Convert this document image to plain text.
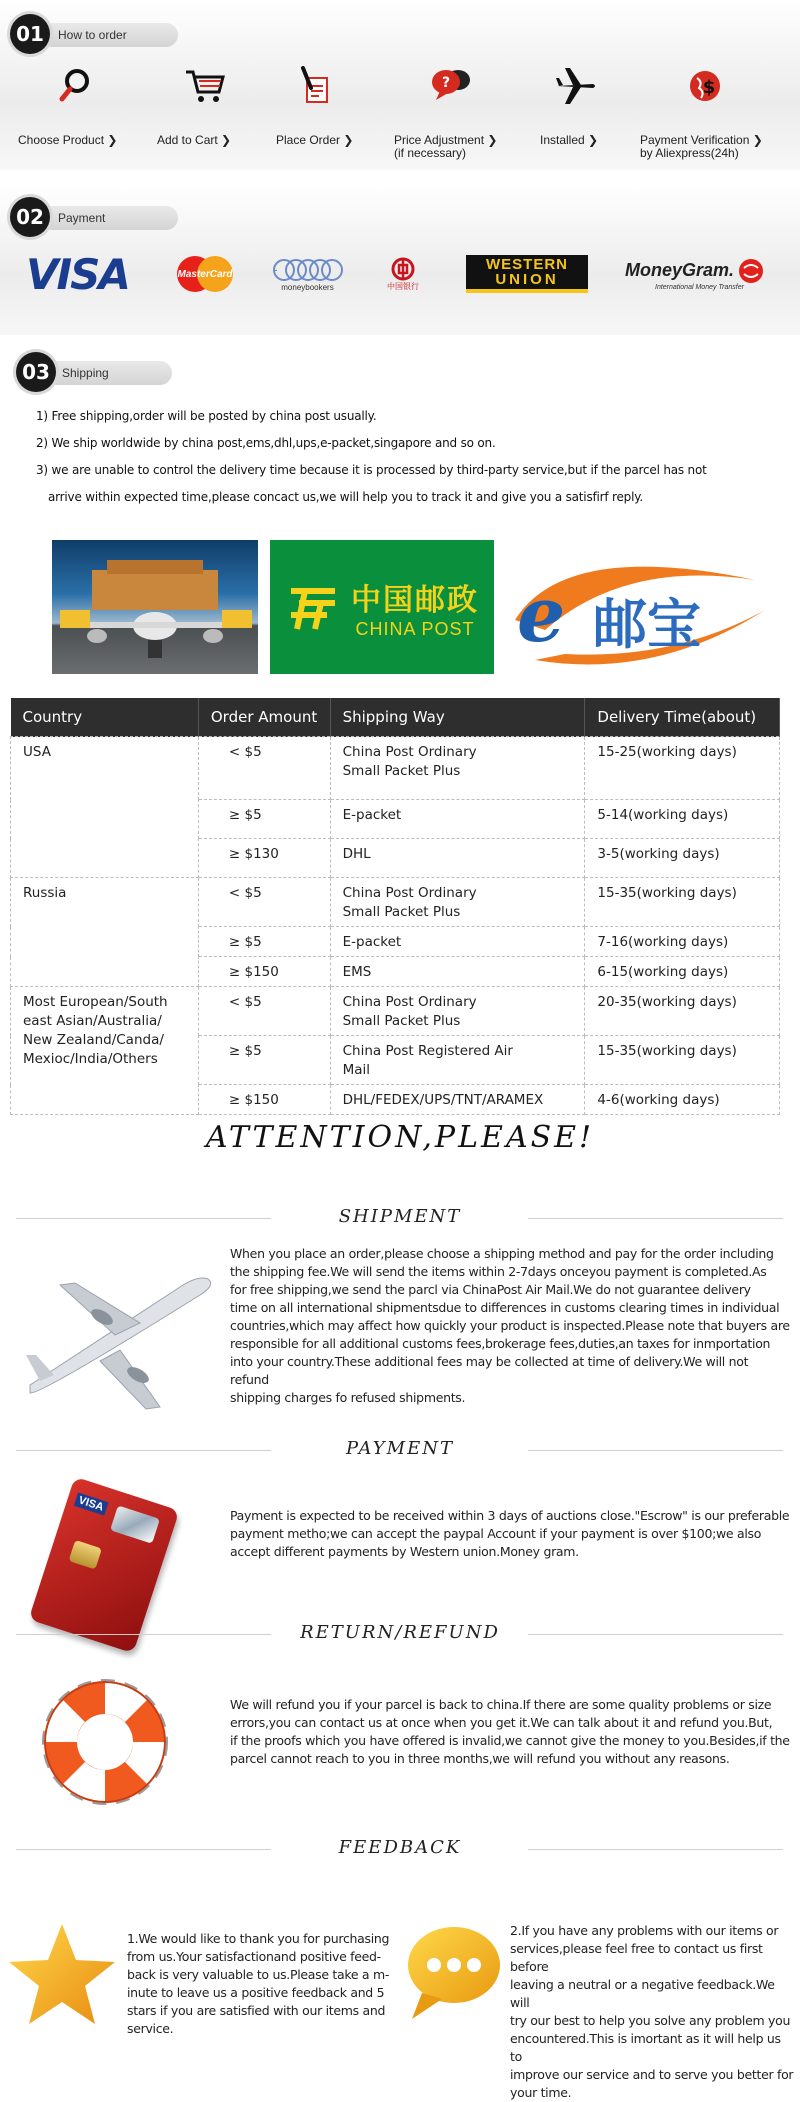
How to order
01
Choose Product ❯	Add to Cart ❯	Place Order ❯
?
Price Adjustment ❯
(if necessary)
Installed ❯
$
Payment Verification ❯
by Aliexpress(24h)
Payment
02
VISA	MasterCard
moneybookers	中国银行
WESTERN
UNION	MoneyGram.
International Money Transfer
Shipping
03
1) Free shipping,order will be posted by china post usually.
2) We ship worldwide by china post,ems,dhl,ups,e-packet,singapore and so on.
3) we are unable to control the delivery time because it is processed by third-party service,but if the parcel has not
arrive within expected time,please concact us,we will help you to track it and give you a satisfirf reply.
中国邮政
CHINA POST e 邮宝
Country	Order Amount	Shipping Way	Delivery Time(about)
USA	< $5	China Post Ordinary Small Packet Plus	15-25(working days)
	≥ $5	E-packet	5-14(working days)
	≥ $130	DHL	3-5(working days)
Russia	< $5	China Post Ordinary Small Packet Plus	15-35(working days)
	≥ $5	E-packet	7-16(working days)
	≥ $150	EMS	6-15(working days)
Most European/South east Asian/Australia/ New Zealand/Canda/ Mexioc/India/Others	< $5	China Post Ordinary Small Packet Plus	20-35(working days)
	≥ $5	China Post Registered Air Mail	15-35(working days)
	≥ $150	DHL/FEDEX/UPS/TNT/ARAMEX	4-6(working days)
ATTENTION,PLEASE!
SHIPMENT

When you place an order,please choose a shipping method and pay for the order including

the shipping fee.We will send the items within 2-7days onceyou payment is completed.As

for free shipping,we send the parcl via ChinaPost Air Mail.We do not guarantee delivery

time on all international shipmentsdue to differences in customs clearing times in individual

countries,which may affect how quickly your product is inspected.Please note that buyers are

responsible for all additional customs fees,brokerage fees,duties,an taxes for inmportation

into your country.These additional fees may be collected at time of delivery.We will not refund

shipping charges fo refused shipments.

PAYMENT
VISA

Payment is expected to be received within 3 days of auctions close."Escrow" is our preferable

payment metho;we can accept the paypal Account if your payment is over $100;we also

accept different payments by Western union.Money gram.

RETURN/REFUND

We will refund you if your parcel is back to china.If there are some quality problems or size

errors,you can contact us at once when you get it.We can talk about it and refund you.But,

if the proofs which you have offered is invalid,we cannot give the money to you.Besides,if the

parcel cannot reach to you in three months,we will refund you without any reasons.

FEEDBACK

1.We would like to thank you for purchasing

from us.Your satisfactionand positive feed-

back is very valuable to us.Please take a m-

inute to leave us a positive feedback and 5

stars if you are satisfied with our items and

service.

2.If you have any problems with our items or

services,please feel free to contact us first before

leaving a neutral or a negative feedback.We will

try our best to help you solve any problem you

encountered.This is imortant as it will help us to

improve our service and to serve you better for

your time.
